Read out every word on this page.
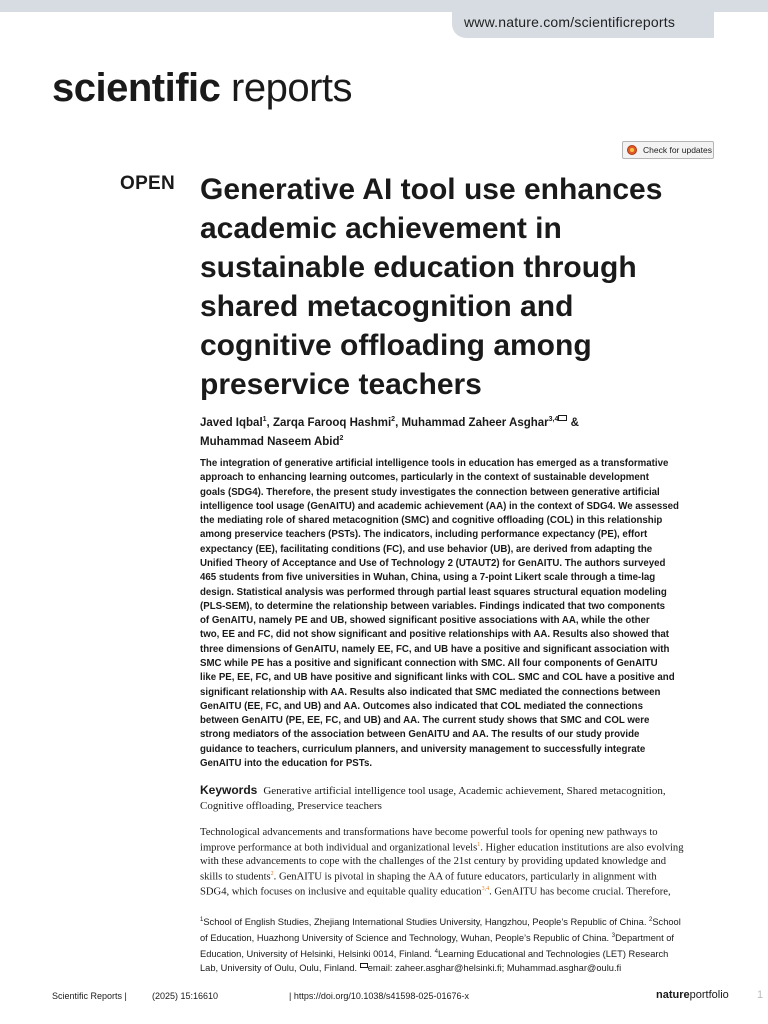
www.nature.com/scientificreports
scientific reports
Check for updates
OPEN Generative AI tool use enhances
academic achievement in
sustainable education through
shared metacognition and
cognitive offloading among
preservice teachers
Javed Iqbal$^1$, Zarqa Farooq Hashmi$^2$, Muhammad Zaheer Asghar$^{3,4}$ &
Muhammad Naseem Abid$^2$
The integration of generative artificial intelligence tools in education has emerged as a transformative
approach to enhancing learning outcomes, particularly in the context of sustainable development
goals (SDG4). Therefore, the present study investigates the connection between generative artificial
intelligence tool usage (GenAITU) and academic achievement (AA) in the context of SDG4. We assessed
the mediating role of shared metacognition (SMC) and cognitive offloading (COL) in this relationship
among preservice teachers (PSTs). The indicators, including performance expectancy (PE), effort
expectancy (EE), facilitating conditions (FC), and use behavior (UB), are derived from adapting the
Unified Theory of Acceptance and Use of Technology 2 (UTAUT2) for GenAITU. The authors surveyed
465 students from five universities in Wuhan, China, using a 7-point Likert scale through a time-lag
design. Statistical analysis was performed through partial least squares structural equation modeling
(PLS-SEM), to determine the relationship between variables. Findings indicated that two components
of GenAITU, namely PE and UB, showed significant positive associations with AA, while the other
two, EE and FC, did not show significant and positive relationships with AA. Results also showed that
three dimensions of GenAITU, namely EE, FC, and UB have a positive and significant association with
SMC while PE has a positive and significant connection with SMC. All four components of GenAITU
like PE, EE, FC, and UB have positive and significant links with COL. SMC and COL have a positive and
significant relationship with AA. Results also indicated that SMC mediated the connections between
GenAITU (EE, FC, and UB) and AA. Outcomes also indicated that COL mediated the connections
between GenAITU (PE, EE, FC, and UB) and AA. The current study shows that SMC and COL were
strong mediators of the association between GenAITU and AA. The results of our study provide
guidance to teachers, curriculum planners, and university management to successfully integrate
GenAITU into the education for PSTs.
Keywords Generative artificial intelligence tool usage, Academic achievement, Shared metacognition,
Cognitive offloading, Preservice teachers
Technological advancements and transformations have become powerful tools for opening new pathways to
improve performance at both individual and organizational levels$^1$. Higher education institutions are also evolving
with these advancements to cope with the challenges of the 21st century by providing updated knowledge and
skills to students$^2$. GenAITU is pivotal in shaping the AA of future educators, particularly in alignment with
SDG4, which focuses on inclusive and equitable quality education$^{3,4}$. GenAITU has become crucial. Therefore,
$^1$School of English Studies, Zhejiang International Studies University, Hangzhou, People’s Republic of China. $^2$School
of Education, Huazhong University of Science and Technology, Wuhan, People’s Republic of China. $^3$Department of
Education, University of Helsinki, Helsinki 0014, Finland. $^4$Learning Educational and Technologies (LET) Research
Lab, University of Oulu, Oulu, Finland. email: zaheer.asghar@helsinki.fi; Muhammad.asghar@oulu.fi
Scientific Reports |	(2025) 15:16610	| https://doi.org/10.1038/s41598-025-01676-x	natureportfolio	1
